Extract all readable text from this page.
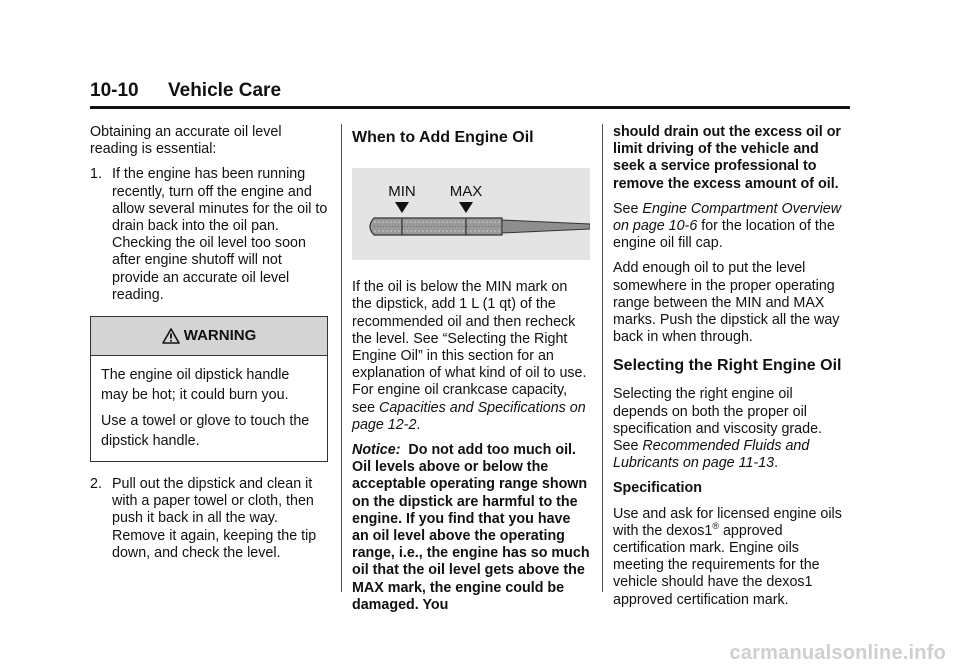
10-10 Vehicle Care

Obtaining an accurate oil level reading is essential:

1. If the engine has been running recently, turn off the engine and allow several minutes for the oil to drain back into the oil pan. Checking the oil level too soon after engine shutoff will not provide an accurate oil level reading.
WARNING

The engine oil dipstick handle may be hot; it could burn you.

Use a towel or glove to touch the dipstick handle.

2. Pull out the dipstick and clean it with a paper towel or cloth, then push it back in all the way. Remove it again, keeping the tip down, and check the level.
When to Add Engine Oil
MIN MAX

If the oil is below the MIN mark on the dipstick, add 1 L (1 qt) of the recommended oil and then recheck the level. See “Selecting the Right Engine Oil” in this section for an explanation of what kind of oil to use. For engine oil crankcase capacity, see Capacities and Specifications on page 12-2.

Notice: Do not add too much oil. Oil levels above or below the acceptable operating range shown on the dipstick are harmful to the engine. If you find that you have an oil level above the operating range, i.e., the engine has so much oil that the oil level gets above the MAX mark, the engine could be damaged. You

should drain out the excess oil or limit driving of the vehicle and seek a service professional to remove the excess amount of oil.

See Engine Compartment Overview on page 10-6 for the location of the engine oil fill cap.

Add enough oil to put the level somewhere in the proper operating range between the MIN and MAX marks. Push the dipstick all the way back in when through.

Selecting the Right Engine Oil

Selecting the right engine oil depends on both the proper oil specification and viscosity grade. See Recommended Fluids and Lubricants on page 11-13.

Specification

Use and ask for licensed engine oils with the dexos1® approved certification mark. Engine oils meeting the requirements for the vehicle should have the dexos1 approved certification mark.

carmanualsonline.info
